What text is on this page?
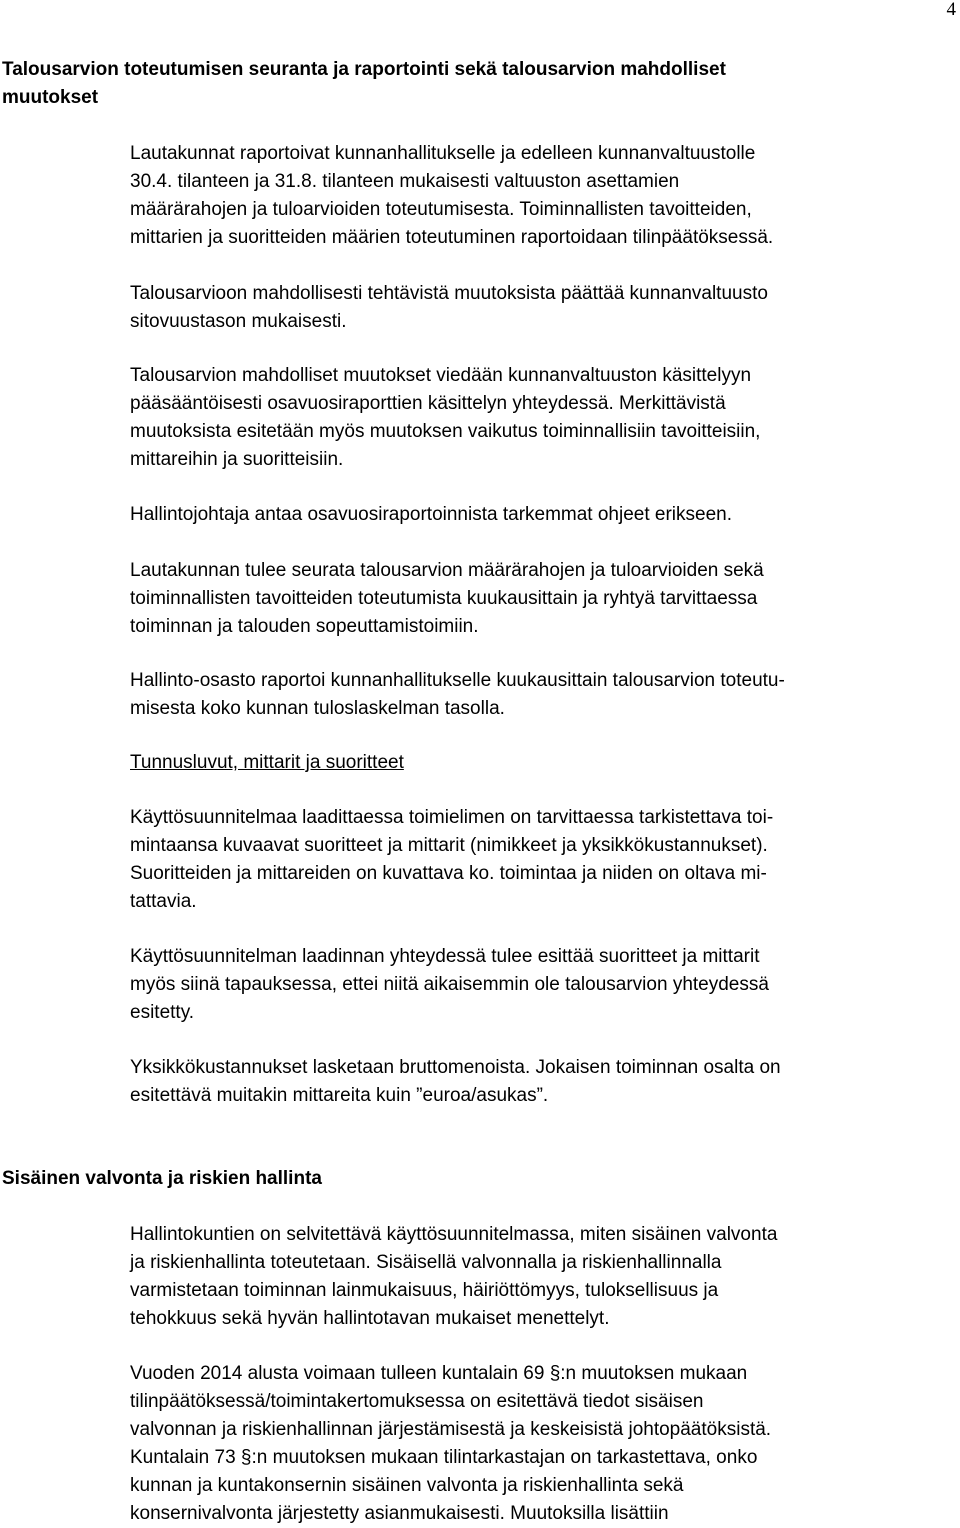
4
Talousarvion toteutumisen seuranta ja raportointi sekä talousarvion mahdolliset
muutokset

Lautakunnat raportoivat kunnanhallitukselle ja edelleen kunnanvaltuustolle
30.4. tilanteen ja 31.8. tilanteen mukaisesti valtuuston asettamien
määrärahojen ja tuloarvioiden toteutumisesta. Toiminnallisten tavoitteiden,
mittarien ja suoritteiden määrien toteutuminen raportoidaan tilinpäätöksessä.

Talousarvioon mahdollisesti tehtävistä muutoksista päättää kunnanvaltuusto
sitovuustason mukaisesti.

Talousarvion mahdolliset muutokset viedään kunnanvaltuuston käsittelyyn
pääsääntöisesti osavuosiraporttien käsittelyn yhteydessä. Merkittävistä
muutoksista esitetään myös muutoksen vaikutus toiminnallisiin tavoitteisiin,
mittareihin ja suoritteisiin.

Hallintojohtaja antaa osavuosiraportoinnista tarkemmat ohjeet erikseen.

Lautakunnan tulee seurata talousarvion määrärahojen ja tuloarvioiden sekä
toiminnallisten tavoitteiden toteutumista kuukausittain ja ryhtyä tarvittaessa
toiminnan ja talouden sopeuttamistoimiin.

Hallinto-osasto raportoi kunnanhallitukselle kuukausittain talousarvion toteutu-
misesta koko kunnan tuloslaskelman tasolla.

Tunnusluvut, mittarit ja suoritteet

Käyttösuunnitelmaa laadittaessa toimielimen on tarvittaessa tarkistettava toi-
mintaansa kuvaavat suoritteet ja mittarit (nimikkeet ja yksikkökustannukset).
Suoritteiden ja mittareiden on kuvattava ko. toimintaa ja niiden on oltava mi-
tattavia.

Käyttösuunnitelman laadinnan yhteydessä tulee esittää suoritteet ja mittarit
myös siinä tapauksessa, ettei niitä aikaisemmin ole talousarvion yhteydessä
esitetty.

Yksikkökustannukset lasketaan bruttomenoista. Jokaisen toiminnan osalta on
esitettävä muitakin mittareita kuin ”euroa/asukas”.

Sisäinen valvonta ja riskien hallinta

Hallintokuntien on selvitettävä käyttösuunnitelmassa, miten sisäinen valvonta
ja riskienhallinta toteutetaan. Sisäisellä valvonnalla ja riskienhallinnalla
varmistetaan toiminnan lainmukaisuus, häiriöttömyys, tuloksellisuus ja
tehokkuus sekä hyvän hallintotavan mukaiset menettelyt.

Vuoden 2014 alusta voimaan tulleen kuntalain 69 §:n muutoksen mukaan
tilinpäätöksessä/toimintakertomuksessa on esitettävä tiedot sisäisen
valvonnan ja riskienhallinnan järjestämisestä ja keskeisistä johtopäätöksistä.
Kuntalain 73 §:n muutoksen mukaan tilintarkastajan on tarkastettava, onko
kunnan ja kuntakonsernin sisäinen valvonta ja riskienhallinta sekä
konsernivalvonta järjestetty asianmukaisesti. Muutoksilla lisättiin
